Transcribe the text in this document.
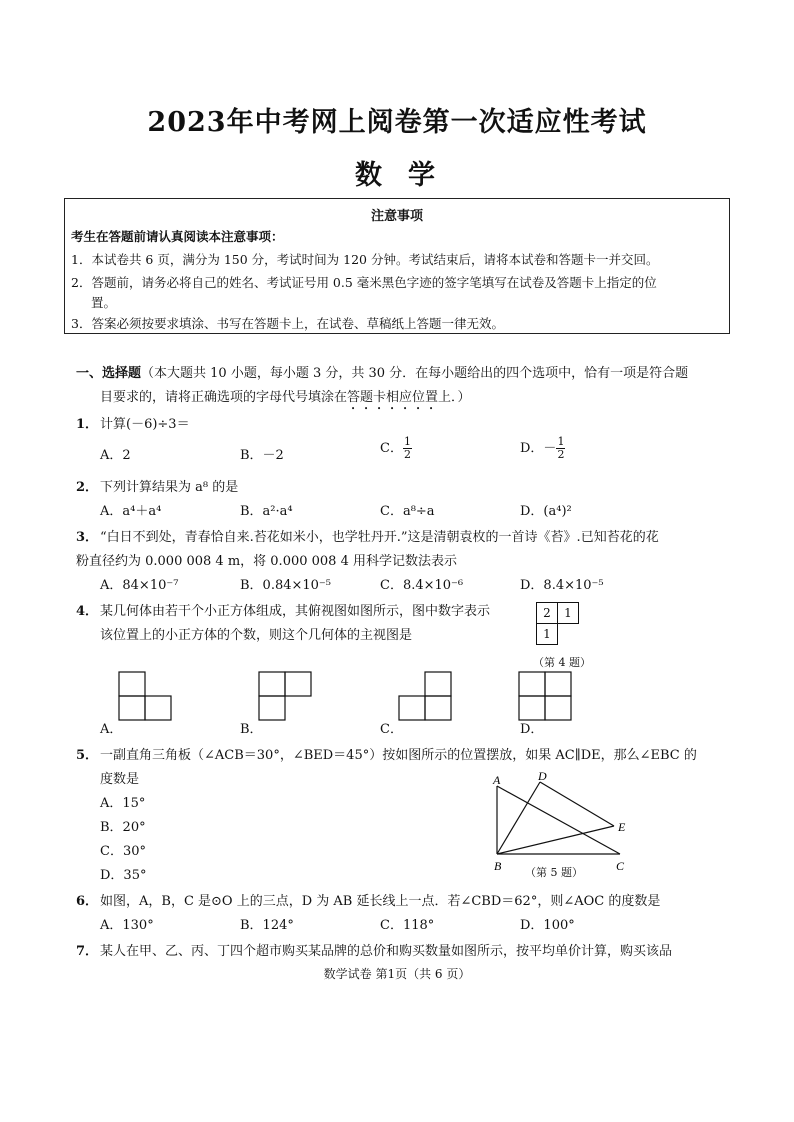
2023年中考网上阅卷第一次适应性考试
数学
注意事项
考生在答题前请认真阅读本注意事项：
1．本试卷共 6 页，满分为 150 分，考试时间为 120 分钟。考试结束后，请将本试卷和答题卡一并交回。
2．答题前，请务必将自己的姓名、考试证号用 0.5 毫米黑色字迹的签字笔填写在试卷及答题卡上指定的位
置。
3．答案必须按要求填涂、书写在答题卡上，在试卷、草稿纸上答题一律无效。
一、选择题（本大题共 10 小题，每小题 3 分，共 30 分．在每小题给出的四个选项中，恰有一项是符合题
目要求的，请将正确选项的字母代号填涂在答题卡相应位置上．）
1． 计算(－6)÷3＝
A．2	B．－2	C． $\frac{1}{2}$	D．－ $\frac{1}{2}$
2． 下列计算结果为 a⁸ 的是
A．a⁴＋a⁴	B．a²·a⁴	C．a⁸÷a	D．(a⁴)²
3． “白日不到处，青春恰自来.苔花如米小，也学牡丹开.”这是清朝袁枚的一首诗《苔》.已知苔花的花
粉直径约为 0.000 008 4 m，将 0.000 008 4 用科学记数法表示
A．84×10⁻⁷	B．0.84×10⁻⁵	C．8.4×10⁻⁶	D．8.4×10⁻⁵
4． 某几何体由若干个小正方体组成，其俯视图如图所示，图中数字表示
该位置上的小正方体的个数，则这个几何体的主视图是
2	1
1	
（第 4 题）
A．	B．	C．	D．
5． 一副直角三角板（∠ACB＝30°，∠BED＝45°）按如图所示的位置摆放，如果 AC∥DE，那么∠EBC 的
度数是
A．15°
B．20°
C．30°
D．35°
A	D
E
B	C
（第 5 题）
6． 如图，A，B，C 是⊙O 上的三点，D 为 AB 延长线上一点．若∠CBD＝62°，则∠AOC 的度数是
A．130°	B．124°	C．118°	D．100°
7． 某人在甲、乙、丙、丁四个超市购买某品牌的总价和购买数量如图所示，按平均单价计算，购买该品
数学试卷 第1页（共 6 页）
